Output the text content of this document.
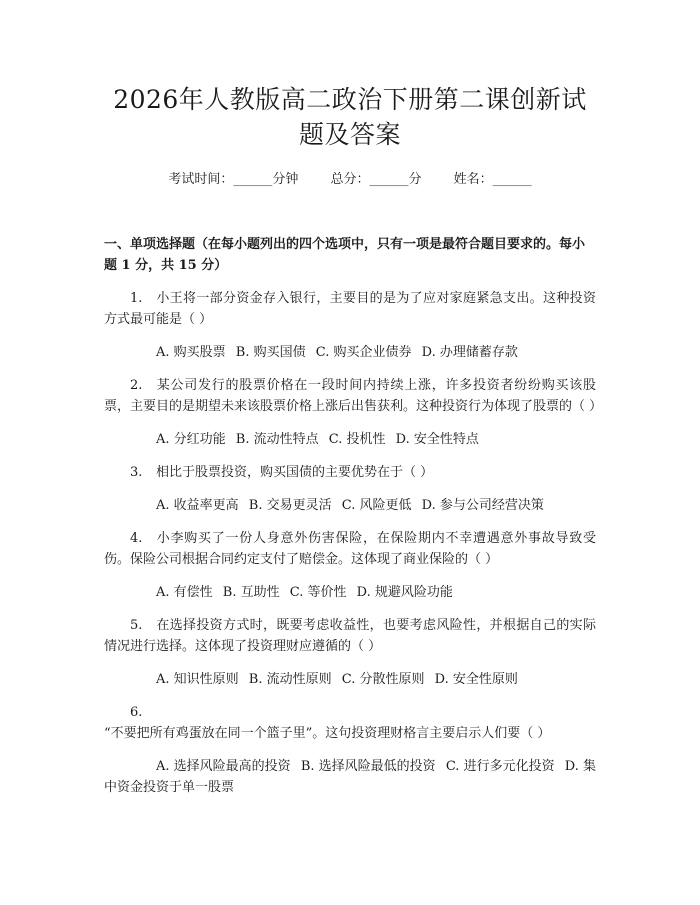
2026年人教版高二政治下册第二课创新试题及答案
考试时间：______分钟 总分：______分 姓名：______
一、单项选择题（在每小题列出的四个选项中，只有一项是最符合题目要求的。每小题 1 分，共 15 分）
1. 小王将一部分资金存入银行，主要目的是为了应对家庭紧急支出。这种投资方式最可能是（ ）
A. 购买股票 B. 购买国债 C. 购买企业债券 D. 办理储蓄存款
2. 某公司发行的股票价格在一段时间内持续上涨，许多投资者纷纷购买该股票，主要目的是期望未来该股票价格上涨后出售获利。这种投资行为体现了股票的（ ）
A. 分红功能 B. 流动性特点 C. 投机性 D. 安全性特点
3. 相比于股票投资，购买国债的主要优势在于（ ）
A. 收益率更高 B. 交易更灵活 C. 风险更低 D. 参与公司经营决策
4. 小李购买了一份人身意外伤害保险，在保险期内不幸遭遇意外事故导致受伤。保险公司根据合同约定支付了赔偿金。这体现了商业保险的（ ）
A. 有偿性 B. 互助性 C. 等价性 D. 规避风险功能
5. 在选择投资方式时，既要考虑收益性，也要考虑风险性，并根据自己的实际情况进行选择。这体现了投资理财应遵循的（ ）
A. 知识性原则 B. 流动性原则 C. 分散性原则 D. 安全性原则
6.“不要把所有鸡蛋放在同一个篮子里”。这句投资理财格言主要启示人们要（ ）
A. 选择风险最高的投资 B. 选择风险最低的投资 C. 进行多元化投资 D. 集中资金投资于单一股票
